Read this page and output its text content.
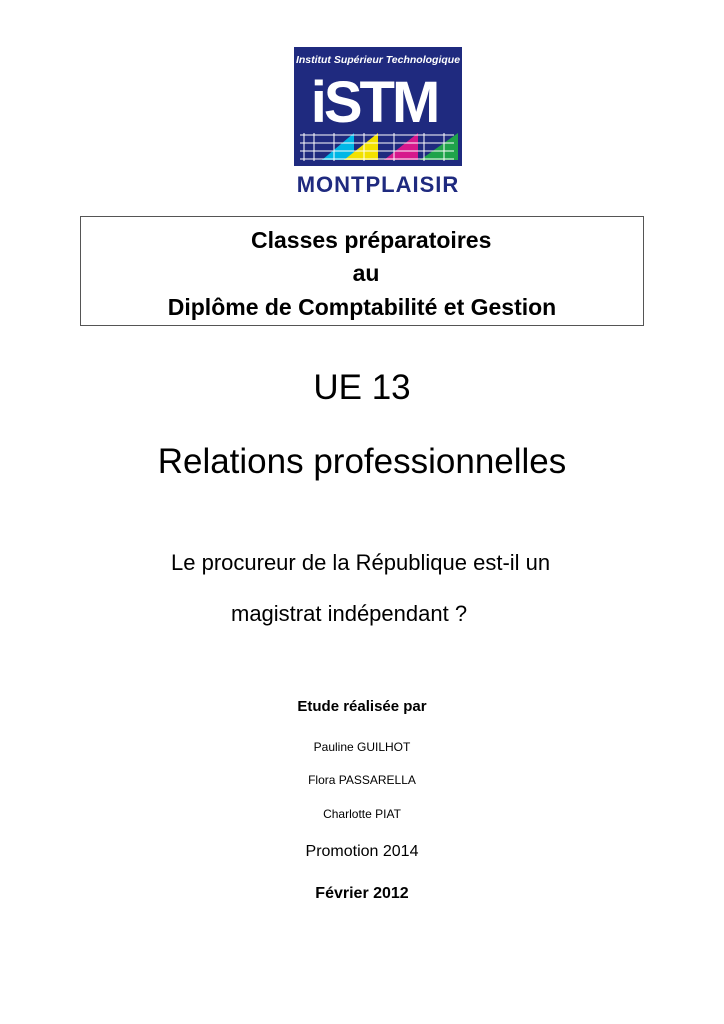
Institut Supérieur Technologique
iSTM
MONTPLAISIR
Classes préparatoires
au
Diplôme de Comptabilité et Gestion
UE 13
Relations professionnelles
Le procureur de la République est-il un
magistrat indépendant ?
Etude réalisée par
Pauline GUILHOT
Flora PASSARELLA
Charlotte PIAT
Promotion 2014
Février 2012
